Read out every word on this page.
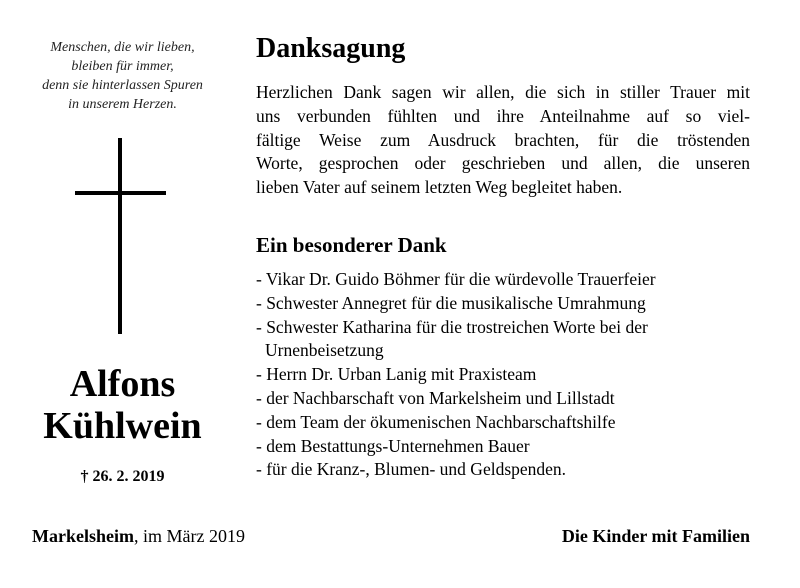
Menschen, die wir lieben,
bleiben für immer,
denn sie hinterlassen Spuren
in unserem Herzen.
Alfons
Kühlwein
† 26. 2. 2019
Danksagung
Herzlichen Dank sagen wir allen, die sich in stiller Trauer mit
uns verbunden fühlten und ihre Anteilnahme auf so viel-
fältige Weise zum Ausdruck brachten, für die tröstenden
Worte, gesprochen oder geschrieben und allen, die unseren
lieben Vater auf seinem letzten Weg begleitet haben.
Ein besonderer Dank
- Vikar Dr. Guido Böhmer für die würdevolle Trauerfeier
- Schwester Annegret für die musikalische Umrahmung
- Schwester Katharina für die trostreichen Worte bei der
Urnenbeisetzung
- Herrn Dr. Urban Lanig mit Praxisteam
- der Nachbarschaft von Markelsheim und Lillstadt
- dem Team der ökumenischen Nachbarschaftshilfe
- dem Bestattungs-Unternehmen Bauer
- für die Kranz-, Blumen- und Geldspenden.
Markelsheim, im März 2019	Die Kinder mit Familien
